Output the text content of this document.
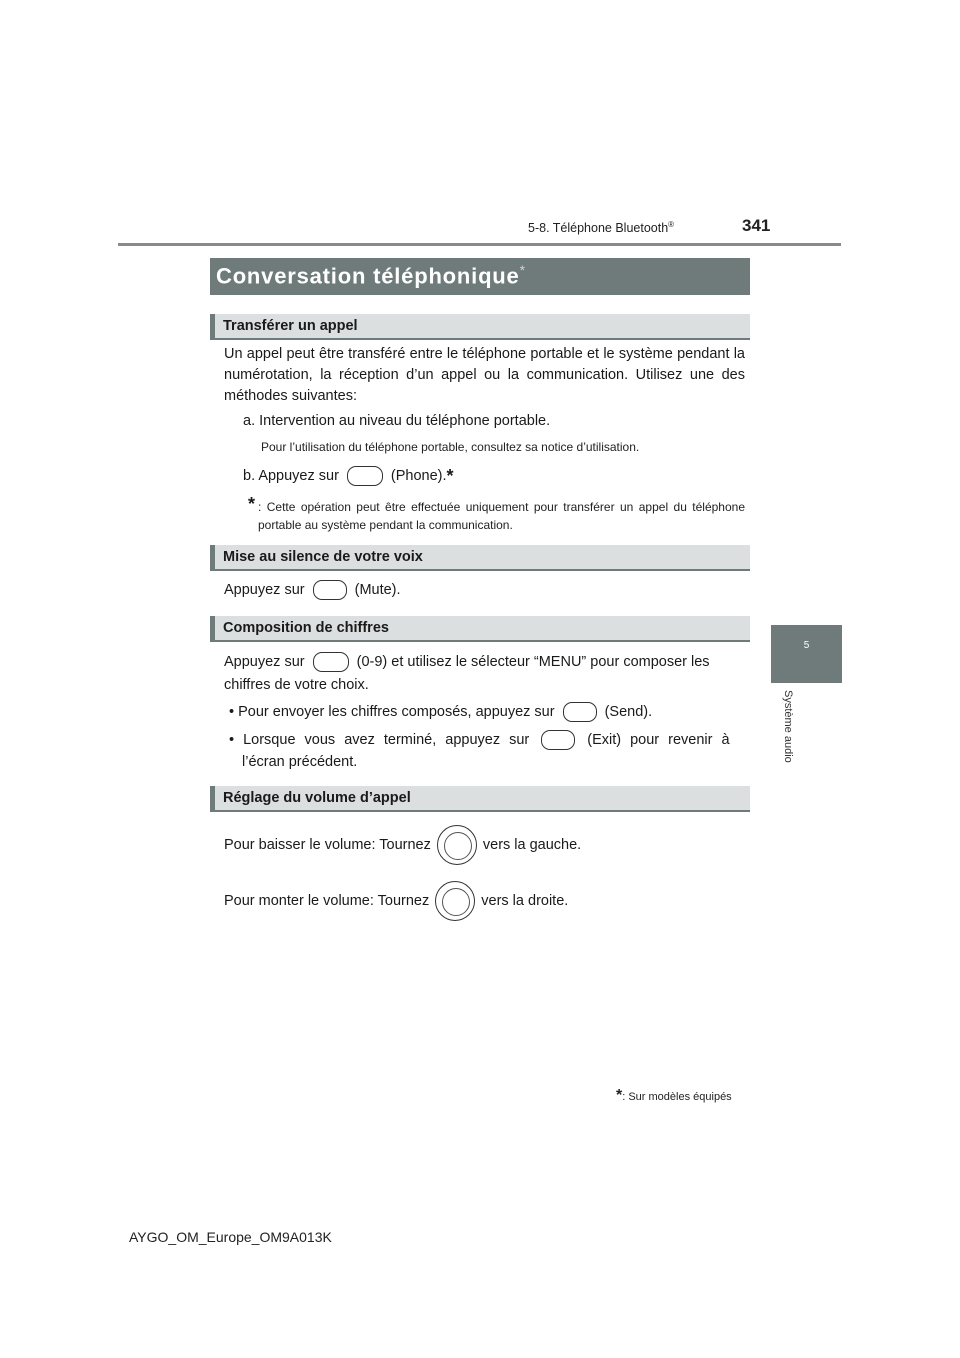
5-8. Téléphone Bluetooth®	341
5
Système audio
Conversation téléphonique*
Transférer un appel
Un appel peut être transféré entre le téléphone portable et le système pendant la numérotation, la réception d’un appel ou la communication. Utilisez une des méthodes suivantes:
a. Intervention au niveau du téléphone portable.
Pour l’utilisation du téléphone portable, consultez sa notice d’utilisation.
b. Appuyez sur	(Phone).*
* : Cette opération peut être effectuée uniquement pour transférer un appel du téléphone portable au système pendant la communication.
Mise au silence de votre voix
Appuyez sur	(Mute).
Composition de chiffres
Appuyez sur	(0-9) et utilisez le sélecteur “MENU” pour composer les
chiffres de votre choix.
• Pour envoyer les chiffres composés, appuyez sur	(Send).
• Lorsque vous avez terminé, appuyez sur	(Exit) pour revenir à
l’écran précédent.
Réglage du volume d’appel
Pour baisser le volume: Tournez	vers la gauche.
Pour monter le volume: Tournez	vers la droite.
*: Sur modèles équipés
AYGO_OM_Europe_OM9A013K
